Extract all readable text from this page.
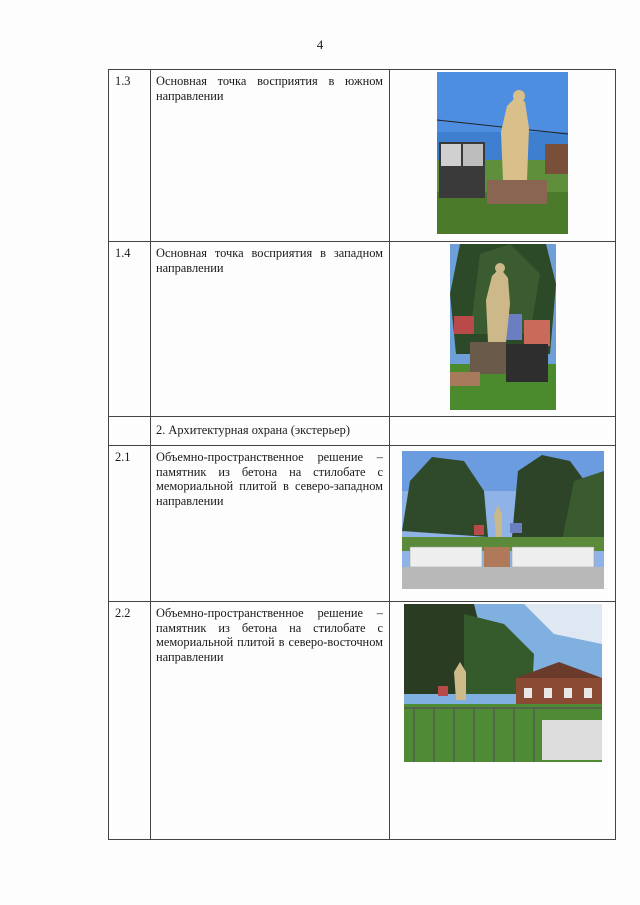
4
1.3	Основная точка восприятия в южном направлении	

1.4	Основная точка восприятия в западном направлении	

	2. Архитектурная охрана (экстерьер)	
2.1	Объемно-пространственное решение – памятник из бетона на стилобате с мемориальной плитой в северо-западном направлении	

2.2	Объемно-пространственное решение – памятник из бетона на стилобате с мемориальной плитой в северо-восточном направлении	
